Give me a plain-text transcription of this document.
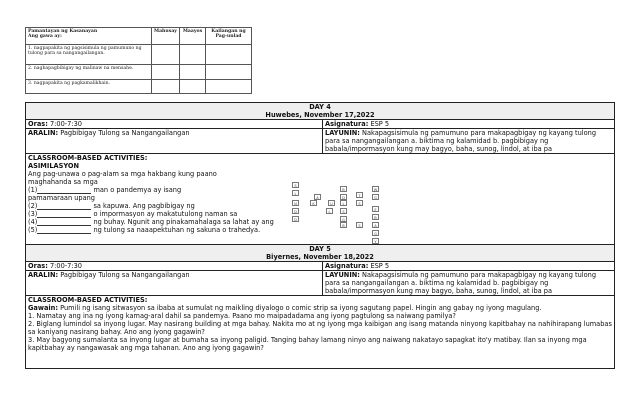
Pamantayan ng Kasanayan
Ang gawa ay:	Mahusay	Maayos	Kailangan ng Pag-unlad
1. nagpapakita ng pagsisimula ng pamumuno ng tulong para sa nangangailangan.			
2. nagbapagbibigay ng malinaw na mensahe.			
3. nagpapakita ng pagkamalikhain.			
DAY 4
Huwebes, November 17,2022
Oras: 7:00-7:30	Asignatura: ESP 5
ARALIN: Pagbibigay Tulong sa Nangangailangan	LAYUNIN: Nakapagsisimula ng pamumuno para makapagbigay ng kayang tulong para sa nangangailangan a. biktima ng kalamidad b. pagbibigay ng babala/impormasyon kung may bagyo, baha, sunog, lindol, at iba pa
CLASSROOM-BASED ACTIVITIES:
ASIMILASYON
Ang pag-unawa o pag-alam sa mga hakbang kung paano
maghahanda sa mga
(1)	man o pandemya ay isang
pamamaraan upang
(2)	sa kapuwa. Ang pagbibigay ng
(3)	o impormasyon ay makatutulong naman sa
(4)	ng buhay. Ngunit ang pinakamahalaga sa lahat ay ang
(5)	ng tulong sa naaapektuhan ng sakuna o trahedya.
DAY 5
Biyernes, November 18,2022
Oras: 7:00-7:30	Asignatura: ESP 5
ARALIN: Pagbibigay Tulong sa Nangangailangan	LAYUNIN: Nakapagsisimula ng pamumuno para makapagbigay ng kayang tulong para sa nangangailangan a. biktima ng kalamidad b. pagbibigay ng babala/impormasyon kung may bagyo, baha, sunog, lindol, at iba pa
CLASSROOM-BASED ACTIVITIES:
Gawain: Pumili ng isang sitwasyon sa ibaba at sumulat ng maikling diyalogo o comic strip sa iyong sagutang papel. Hingin ang gabay ng iyong magulang.
1. Namatay ang ina ng iyong kamag-aral dahil sa pandemya. Paano mo maipadadama ang iyong pagtulong sa naiwang pamilya?
2. Biglang lumindol sa inyong lugar. May nasirang building at mga bahay. Nakita mo at ng iyong mga kaibigan ang isang matanda ninyong kapitbahay na nahihirapang lumabas sa kaniyang nasirang bahay. Ano ang iyong gagawin?
3. May bagyong sumalanta sa inyong lugar at bumaha sa inyong paligid. Tanging bahay lamang ninyo ang naiwang nakatayo sapagkat ito'y matibay. Ilan sa inyong mga kapitbahay ay nangawasak ang mga tahanan. Ano ang iyong gagawin?
S
L
N	K	U	L	S
W
G
E
B
A
D
D
L
B
D
S
G
B
T
S	A
G
Y
